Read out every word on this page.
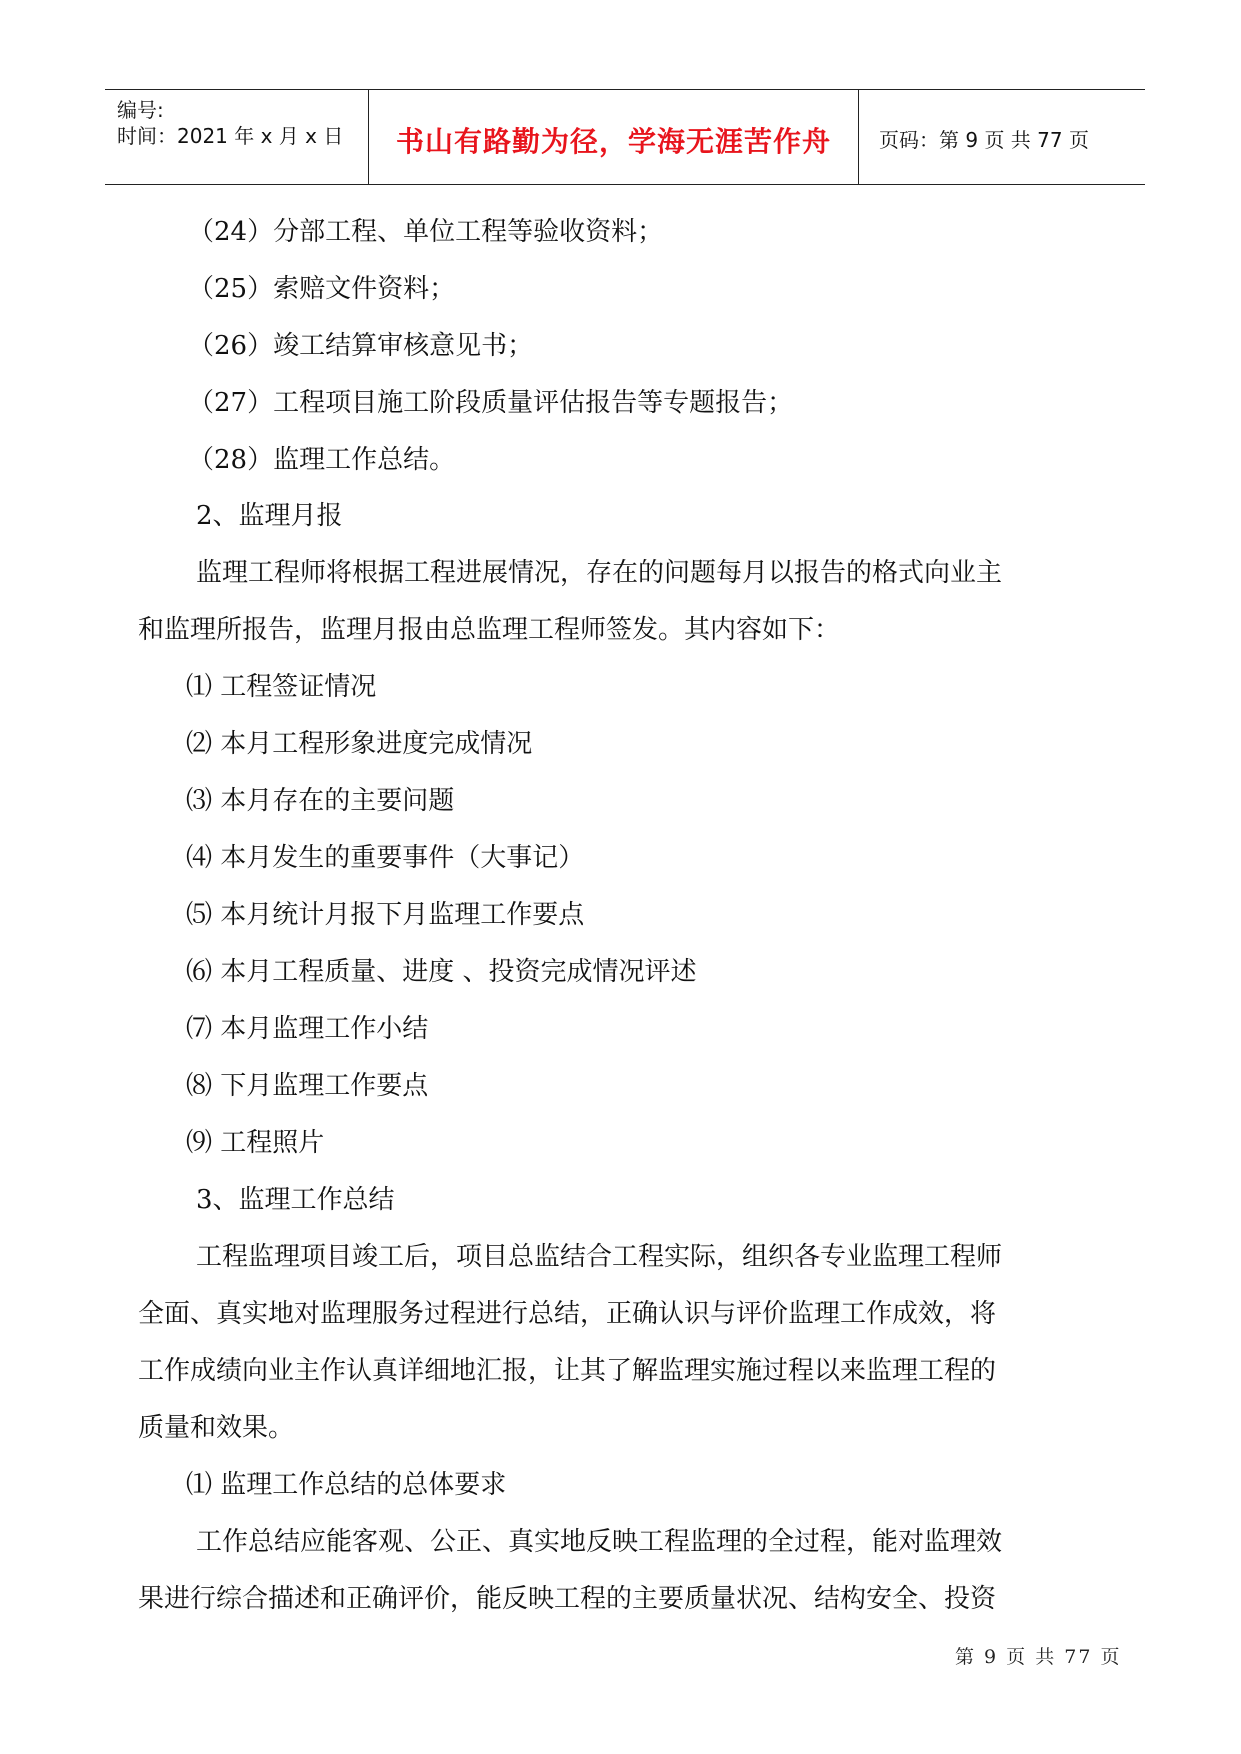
编号:
时间：2021 年 x 月 x 日	书山有路勤为径，学海无涯苦作舟	页码：第 9 页 共 77 页
（24）分部工程、单位工程等验收资料；
（25）索赔文件资料；
（26）竣工结算审核意见书；
（27）工程项目施工阶段质量评估报告等专题报告；
（28）监理工作总结。
2、监理月报
监理工程师将根据工程进展情况，存在的问题每月以报告的格式向业主
和监理所报告，监理月报由总监理工程师签发。其内容如下：
⑴ 工程签证情况
⑵ 本月工程形象进度完成情况
⑶ 本月存在的主要问题
⑷ 本月发生的重要事件（大事记）
⑸ 本月统计月报下月监理工作要点
⑹ 本月工程质量、进度 、投资完成情况评述
⑺ 本月监理工作小结
⑻ 下月监理工作要点
⑼ 工程照片
3、监理工作总结
工程监理项目竣工后，项目总监结合工程实际，组织各专业监理工程师
全面、真实地对监理服务过程进行总结，正确认识与评价监理工作成效，将
工作成绩向业主作认真详细地汇报，让其了解监理实施过程以来监理工程的
质量和效果。
⑴ 监理工作总结的总体要求
工作总结应能客观、公正、真实地反映工程监理的全过程，能对监理效
果进行综合描述和正确评价，能反映工程的主要质量状况、结构安全、投资
第 9 页 共 77 页
